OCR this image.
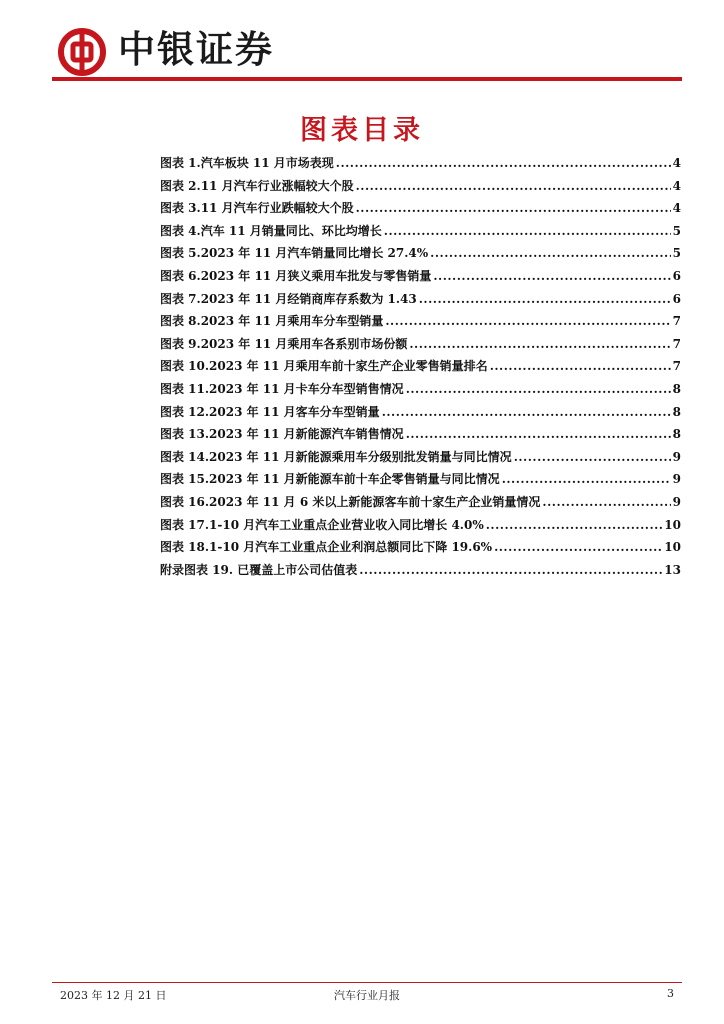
中银证券
图表目录
图表 1.汽车板块 11 月市场表现 .....	4
图表 2.11 月汽车行业涨幅较大个股 .....	4
图表 3.11 月汽车行业跌幅较大个股 .....	4
图表 4.汽车 11 月销量同比、环比均增长 .....	5
图表 5.2023 年 11 月汽车销量同比增长 27.4% .....	5
图表 6.2023 年 11 月狭义乘用车批发与零售销量 .....	6
图表 7.2023 年 11 月经销商库存系数为 1.43 .....	6
图表 8.2023 年 11 月乘用车分车型销量 .....	7
图表 9.2023 年 11 月乘用车各系别市场份额 .....	7
图表 10.2023 年 11 月乘用车前十家生产企业零售销量排名 .....	7
图表 11.2023 年 11 月卡车分车型销售情况 .....	8
图表 12.2023 年 11 月客车分车型销量 .....	8
图表 13.2023 年 11 月新能源汽车销售情况 .....	8
图表 14.2023 年 11 月新能源乘用车分级别批发销量与同比情况 .....	9
图表 15.2023 年 11 月新能源车前十车企零售销量与同比情况 .....	9
图表 16.2023 年 11 月 6 米以上新能源客车前十家生产企业销量情况 .....	9
图表 17.1-10 月汽车工业重点企业营业收入同比增长 4.0% .....	10
图表 18.1-10 月汽车工业重点企业利润总额同比下降 19.6% .....	10
附录图表 19. 已覆盖上市公司估值表 .....	13
2023 年 12 月 21 日	汽车行业月报	3
